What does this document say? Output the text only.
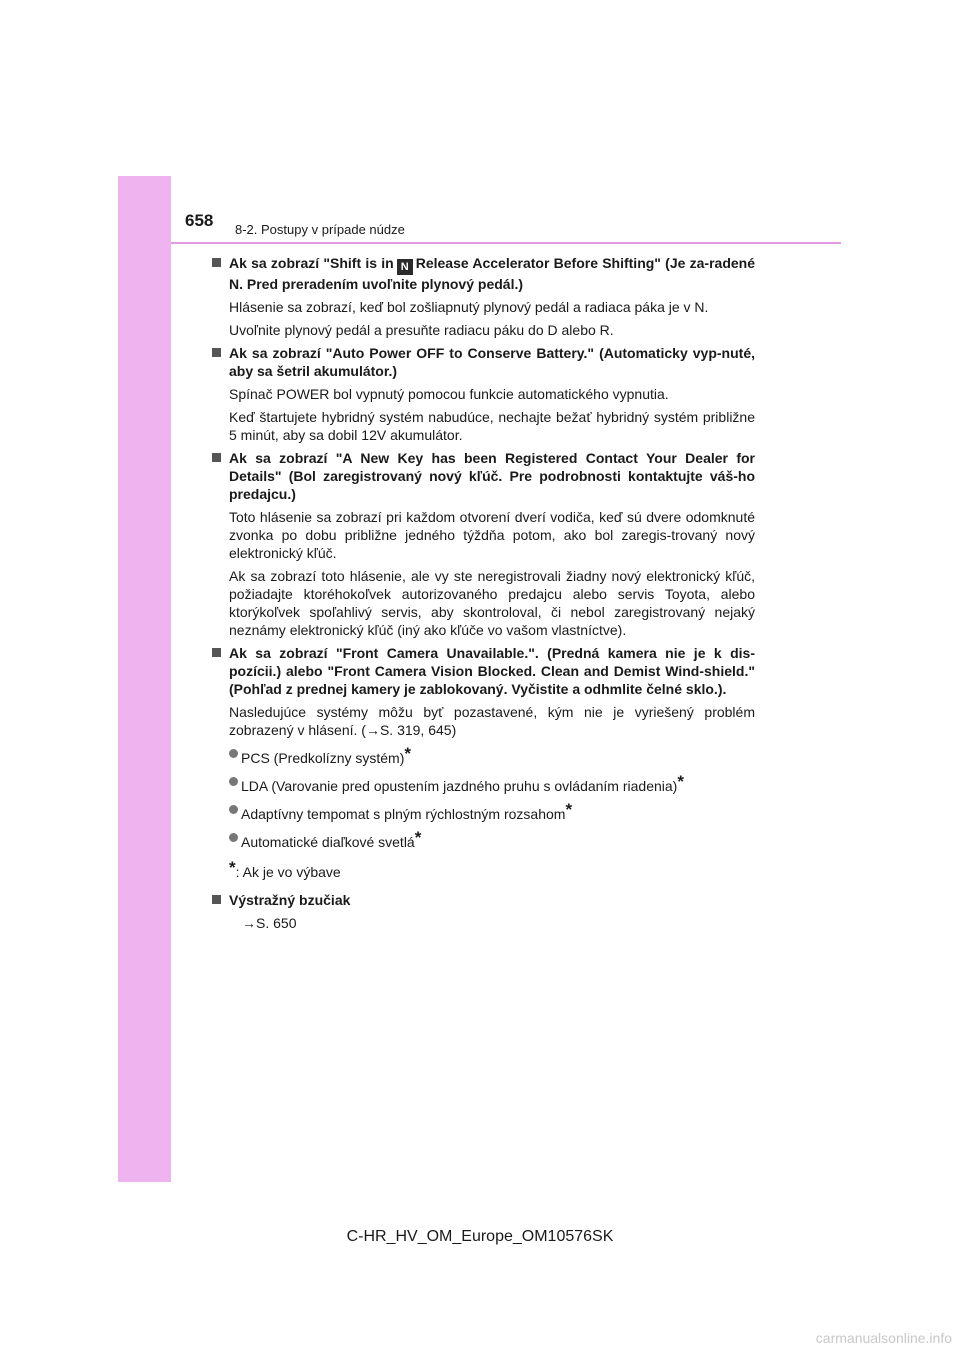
658 8-2. Postupy v prípade núdze

Ak sa zobrazí "Shift is in N Release Accelerator Before Shifting" (Je za-radené N. Pred preradením uvoľnite plynový pedál.)

Hlásenie sa zobrazí, keď bol zošliapnutý plynový pedál a radiaca páka je v N.

Uvoľnite plynový pedál a presuňte radiacu páku do D alebo R.

Ak sa zobrazí "Auto Power OFF to Conserve Battery." (Automaticky vyp-nuté, aby sa šetril akumulátor.)

Spínač POWER bol vypnutý pomocou funkcie automatického vypnutia.

Keď štartujete hybridný systém nabudúce, nechajte bežať hybridný systém približne 5 minút, aby sa dobil 12V akumulátor.

Ak sa zobrazí "A New Key has been Registered Contact Your Dealer for Details" (Bol zaregistrovaný nový kľúč. Pre podrobnosti kontaktujte váš-ho predajcu.)

Toto hlásenie sa zobrazí pri každom otvorení dverí vodiča, keď sú dvere odomknuté zvonka po dobu približne jedného týždňa potom, ako bol zaregis-trovaný nový elektronický kľúč.

Ak sa zobrazí toto hlásenie, ale vy ste neregistrovali žiadny nový elektronický kľúč, požiadajte ktoréhokoľvek autorizovaného predajcu alebo servis Toyota, alebo ktorýkoľvek spoľahlivý servis, aby skontroloval, či nebol zaregistrovaný nejaký neznámy elektronický kľúč (iný ako kľúče vo vašom vlastníctve).

Ak sa zobrazí "Front Camera Unavailable.". (Predná kamera nie je k dis-pozícii.) alebo "Front Camera Vision Blocked. Clean and Demist Wind-shield." (Pohľad z prednej kamery je zablokovaný. Vyčistite a odhmlite čelné sklo.).

Nasledujúce systémy môžu byť pozastavené, kým nie je vyriešený problém zobrazený v hlásení. (→S. 319, 645)

PCS (Predkolízny systém)*
LDA (Varovanie pred opustením jazdného pruhu s ovládaním riadenia)*
Adaptívny tempomat s plným rýchlostným rozsahom*
Automatické diaľkové svetlá*
*: Ak je vo výbave

Výstražný bzučiak

→S. 650

C-HR_HV_OM_Europe_OM10576SK
carmanualsonline.info
